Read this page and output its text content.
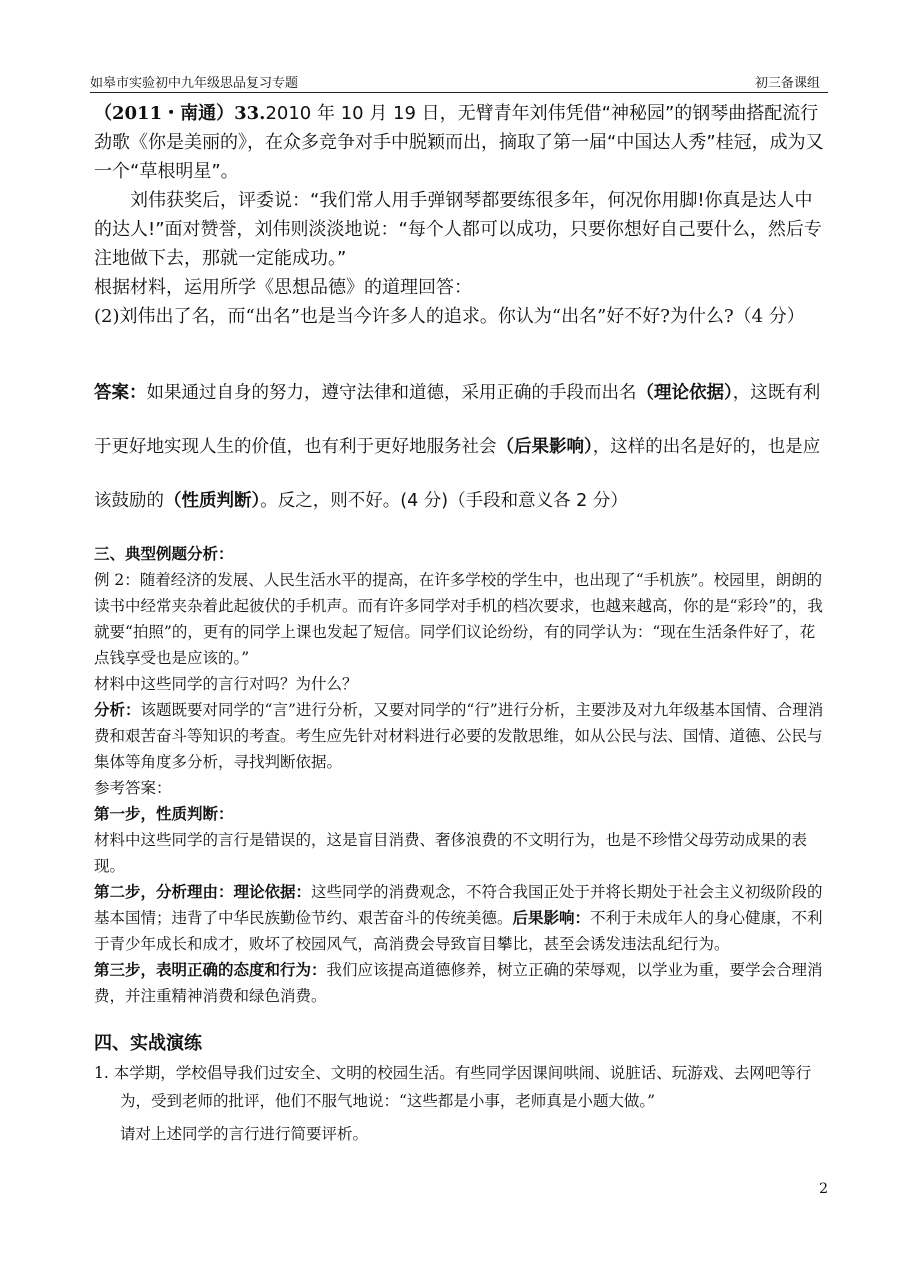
如皋市实验初中九年级思品复习专题	初三备课组

（2011・南通）33.2010 年 10 月 19 日，无臂青年刘伟凭借“神秘园”的钢琴曲搭配流行劲歌《你是美丽的》，在众多竞争对手中脱颖而出，摘取了第一届“中国达人秀”桂冠，成为又一个“草根明星”。

刘伟获奖后，评委说：“我们常人用手弹钢琴都要练很多年，何况你用脚!你真是达人中的达人!”面对赞誉，刘伟则淡淡地说：“每个人都可以成功，只要你想好自己要什么，然后专注地做下去，那就一定能成功。”

根据材料，运用所学《思想品德》的道理回答：

(2)刘伟出了名，而“出名”也是当今许多人的追求。你认为“出名”好不好?为什么?（4 分）

答案：如果通过自身的努力，遵守法律和道德，采用正确的手段而出名（理论依据），这既有利于更好地实现人生的价值，也有利于更好地服务社会（后果影响），这样的出名是好的，也是应该鼓励的（性质判断）。反之，则不好。(4 分)（手段和意义各 2 分）

三、典型例题分析：

例 2：随着经济的发展、人民生活水平的提高，在许多学校的学生中，也出现了“手机族”。校园里，朗朗的读书中经常夹杂着此起彼伏的手机声。而有许多同学对手机的档次要求，也越来越高，你的是“彩玲”的，我就要“拍照”的，更有的同学上课也发起了短信。同学们议论纷纷，有的同学认为：“现在生活条件好了，花点钱享受也是应该的。”

材料中这些同学的言行对吗？为什么？

分析：该题既要对同学的“言”进行分析，又要对同学的“行”进行分析，主要涉及对九年级基本国情、合理消费和艰苦奋斗等知识的考查。考生应先针对材料进行必要的发散思维，如从公民与法、国情、道德、公民与集体等角度多分析，寻找判断依据。

参考答案：

第一步，性质判断：

材料中这些同学的言行是错误的，这是盲目消费、奢侈浪费的不文明行为，也是不珍惜父母劳动成果的表现。

第二步，分析理由：理论依据：这些同学的消费观念，不符合我国正处于并将长期处于社会主义初级阶段的基本国情；违背了中华民族勤俭节约、艰苦奋斗的传统美德。后果影响：不利于未成年人的身心健康，不利于青少年成长和成才，败坏了校园风气，高消费会导致盲目攀比，甚至会诱发违法乱纪行为。

第三步，表明正确的态度和行为：我们应该提高道德修养，树立正确的荣辱观，以学业为重，要学会合理消费，并注重精神消费和绿色消费。

四、实战演练

1. 本学期，学校倡导我们过安全、文明的校园生活。有些同学因课间哄闹、说脏话、玩游戏、去网吧等行为，受到老师的批评，他们不服气地说：“这些都是小事，老师真是小题大做。”

请对上述同学的言行进行简要评析。

2
